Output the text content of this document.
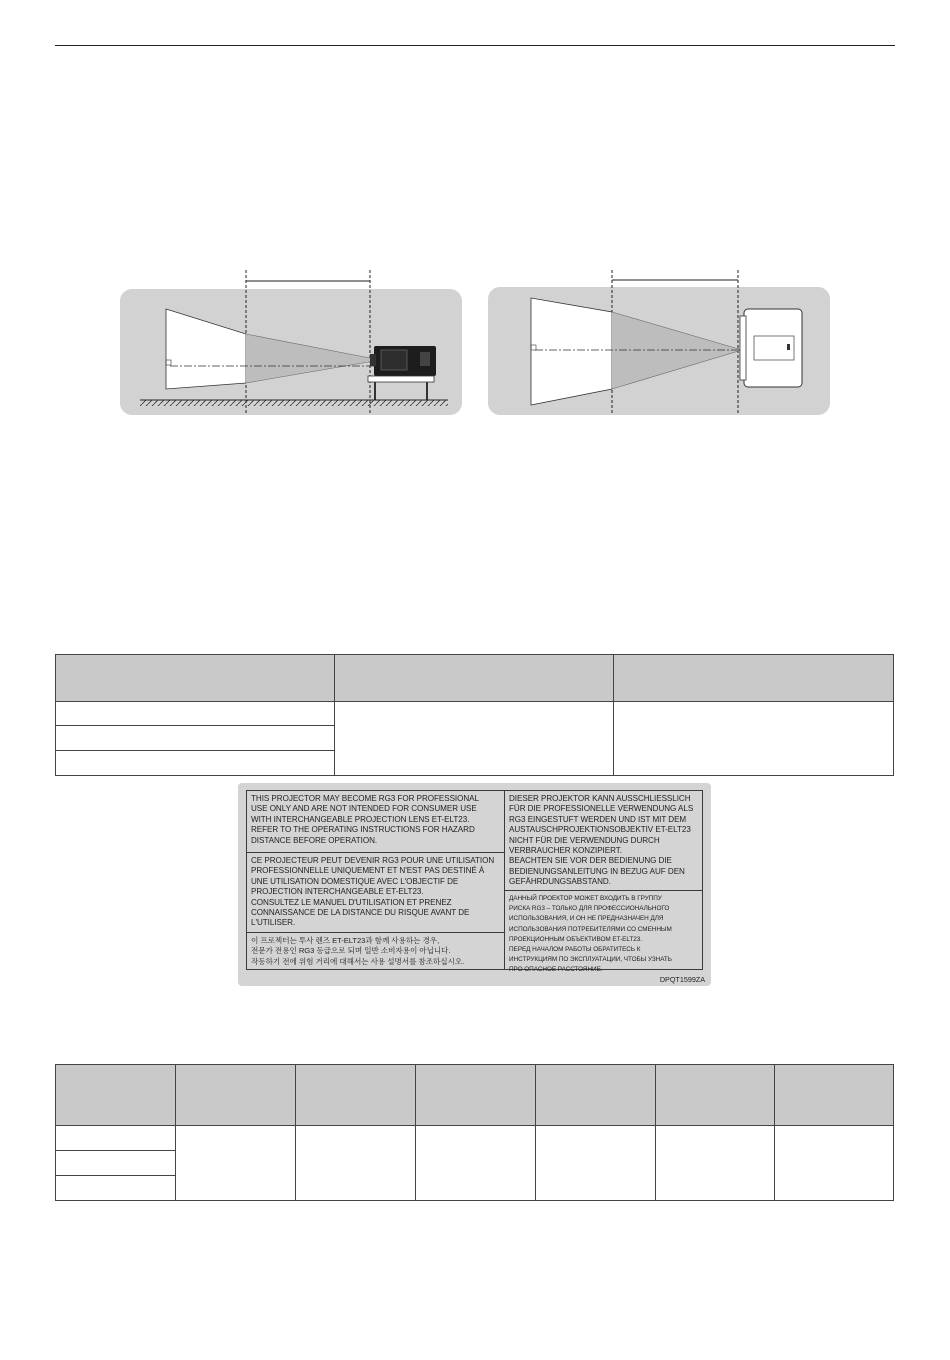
THIS PROJECTOR MAY BECOME RG3 FOR PROFESSIONAL
USE ONLY AND ARE NOT INTENDED FOR CONSUMER USE
WITH INTERCHANGEABLE PROJECTION LENS ET-ELT23.
REFER TO THE OPERATING INSTRUCTIONS FOR HAZARD
DISTANCE BEFORE OPERATION.
CE PROJECTEUR PEUT DEVENIR RG3 POUR UNE UTILISATION
PROFESSIONNELLE UNIQUEMENT ET N'EST PAS DESTINÉ À
UNE UTILISATION DOMESTIQUE AVEC L'OBJECTIF DE
PROJECTION INTERCHANGEABLE ET-ELT23.
CONSULTEZ LE MANUEL D'UTILISATION ET PRENEZ
CONNAISSANCE DE LA DISTANCE DU RISQUE AVANT DE
L'UTILISER.
이 프로젝터는 투사 렌즈 ET-ELT23과 함께 사용하는 경우,
전문가 전용인 RG3 등급으로 되며 일반 소비자용이 아닙니다.
작동하기 전에 위험 거리에 대해서는 사용 설명서를 참조하십시오.
DIESER PROJEKTOR KANN AUSSCHLIESSLICH
FÜR DIE PROFESSIONELLE VERWENDUNG ALS
RG3 EINGESTUFT WERDEN UND IST MIT DEM
AUSTAUSCHPROJEKTIONSOBJEKTIV ET-ELT23
NICHT FÜR DIE VERWENDUNG DURCH
VERBRAUCHER KONZIPIERT.
BEACHTEN SIE VOR DER BEDIENUNG DIE
BEDIENUNGSANLEITUNG IN BEZUG AUF DEN
GEFÄHRDUNGSABSTAND.
ДАННЫЙ ПРОЕКТОР МОЖЕТ ВХОДИТЬ В ГРУППУ
РИСКА RG3 – ТОЛЬКО ДЛЯ ПРОФЕССИОНАЛЬНОГО
ИСПОЛЬЗОВАНИЯ, И ОН НЕ ПРЕДНАЗНАЧЕН ДЛЯ
ИСПОЛЬЗОВАНИЯ ПОТРЕБИТЕЛЯМИ СО СМЕННЫМ
ПРОЕКЦИОННЫМ ОБЪЕКТИВОМ ET-ELT23.
ПЕРЕД НАЧАЛОМ РАБОТЫ ОБРАТИТЕСЬ К
ИНСТРУКЦИЯМ ПО ЭКСПЛУАТАЦИИ, ЧТОБЫ УЗНАТЬ
ПРО ОПАСНОЕ РАССТОЯНИЕ.
DPQT1599ZA
